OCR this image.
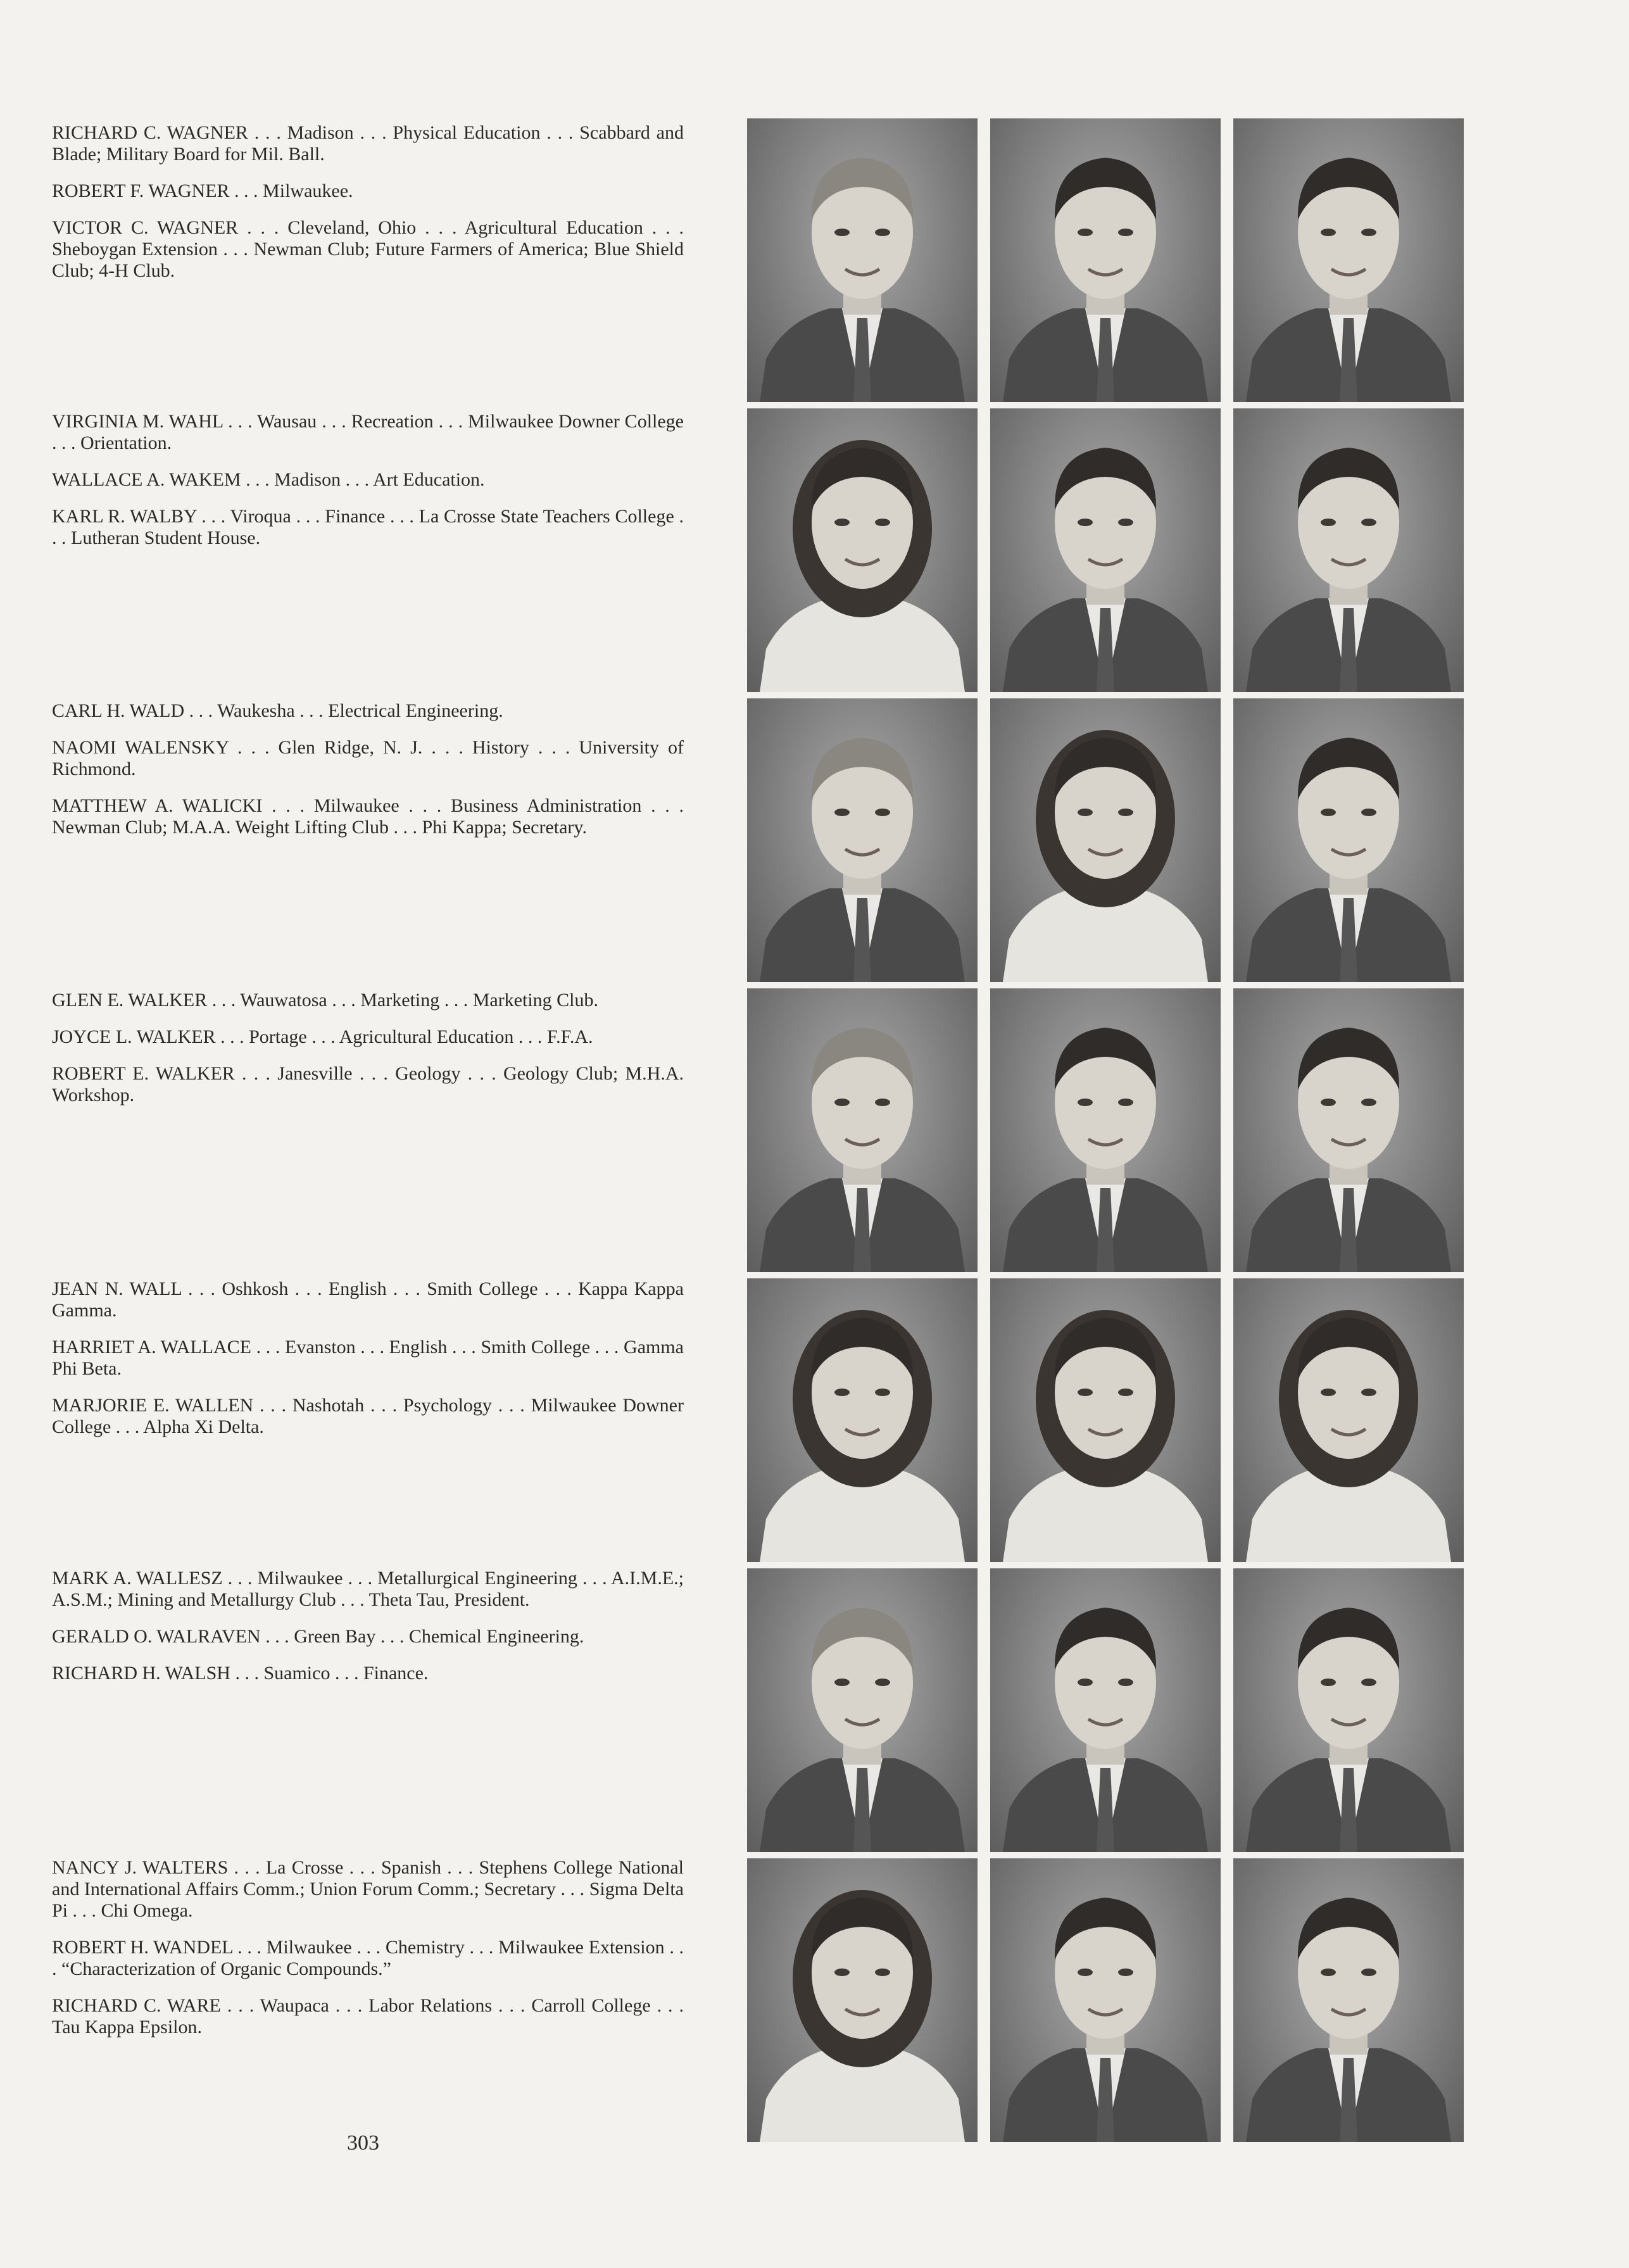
RICHARD C. WAGNER . . . Madison . . . Physical Education . . . Scabbard and Blade; Military Board for Mil. Ball.

ROBERT F. WAGNER . . . Milwaukee.

VICTOR C. WAGNER . . . Cleveland, Ohio . . . Agricultural Education . . . Sheboygan Extension . . . Newman Club; Future Farmers of America; Blue Shield Club; 4-H Club.

VIRGINIA M. WAHL . . . Wausau . . . Recreation . . . Milwaukee Downer College . . . Orientation.

WALLACE A. WAKEM . . . Madison . . . Art Education.

KARL R. WALBY . . . Viroqua . . . Finance . . . La Crosse State Teachers College . . . Lutheran Student House.

CARL H. WALD . . . Waukesha . . . Electrical Engineering.

NAOMI WALENSKY . . . Glen Ridge, N. J. . . . History . . . University of Richmond.

MATTHEW A. WALICKI . . . Milwaukee . . . Business Administration . . . Newman Club; M.A.A. Weight Lifting Club . . . Phi Kappa; Secretary.

GLEN E. WALKER . . . Wauwatosa . . . Marketing . . . Marketing Club.

JOYCE L. WALKER . . . Portage . . . Agricultural Education . . . F.F.A.

ROBERT E. WALKER . . . Janesville . . . Geology . . . Geology Club; M.H.A. Workshop.

JEAN N. WALL . . . Oshkosh . . . English . . . Smith College . . . Kappa Kappa Gamma.

HARRIET A. WALLACE . . . Evanston . . . English . . . Smith College . . . Gamma Phi Beta.

MARJORIE E. WALLEN . . . Nashotah . . . Psychology . . . Milwaukee Downer College . . . Alpha Xi Delta.

MARK A. WALLESZ . . . Milwaukee . . . Metallurgical Engineering . . . A.I.M.E.; A.S.M.; Mining and Metallurgy Club . . . Theta Tau, President.

GERALD O. WALRAVEN . . . Green Bay . . . Chemical Engineering.

RICHARD H. WALSH . . . Suamico . . . Finance.

NANCY J. WALTERS . . . La Crosse . . . Spanish . . . Stephens College National and International Affairs Comm.; Union Forum Comm.; Secretary . . . Sigma Delta Pi . . . Chi Omega.

ROBERT H. WANDEL . . . Milwaukee . . . Chemistry . . . Milwaukee Extension . . . “Characterization of Organic Compounds.”

RICHARD C. WARE . . . Waupaca . . . Labor Relations . . . Carroll College . . . Tau Kappa Epsilon.

303
